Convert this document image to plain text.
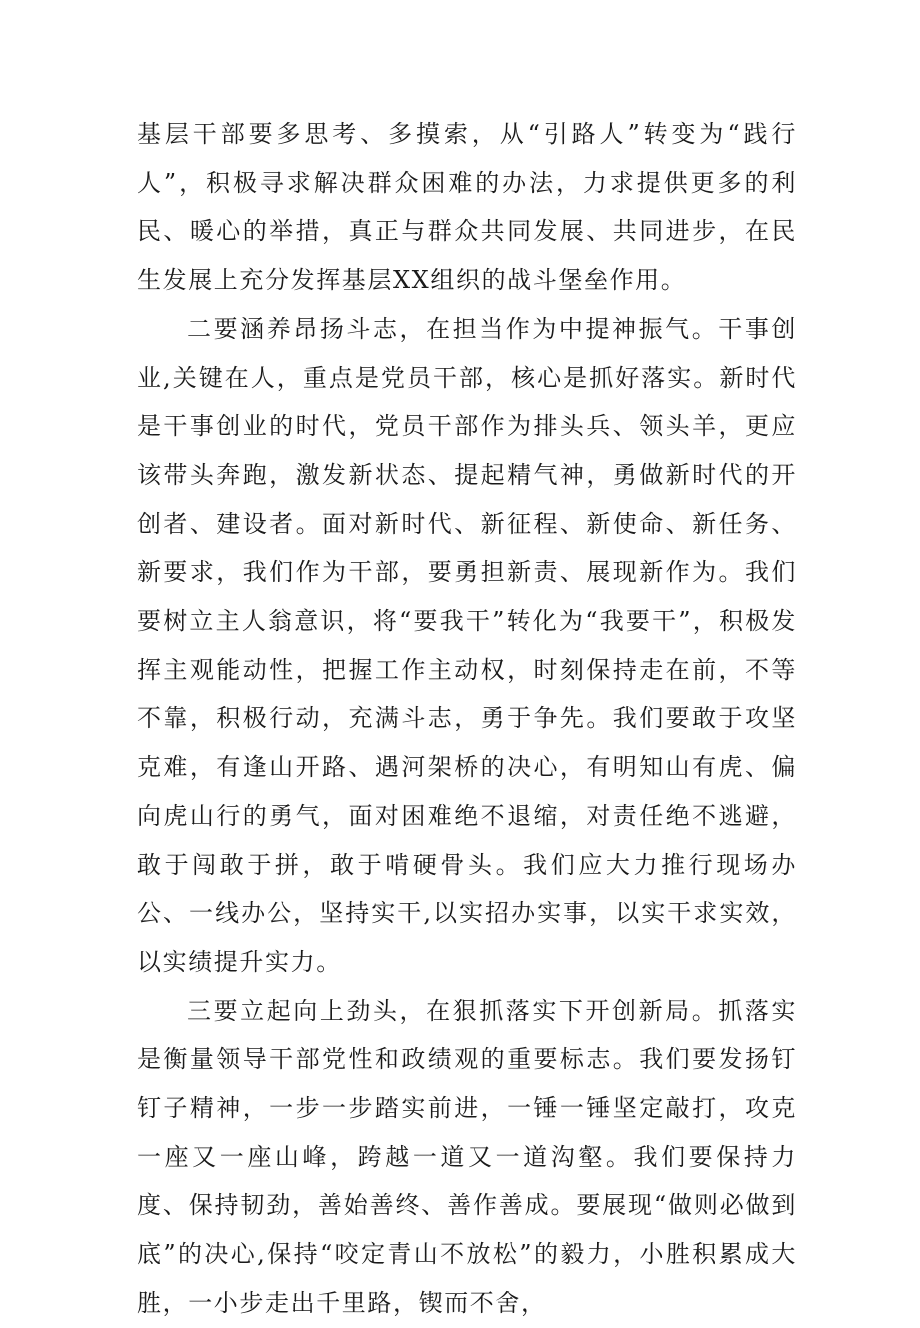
基层干部要多思考、多摸索，从“引路人”转变为“践行人”，积极寻求解决群众困难的办法，力求提供更多的利民、暖心的举措，真正与群众共同发展、共同进步，在民生发展上充分发挥基层XX组织的战斗堡垒作用。

二要涵养昂扬斗志，在担当作为中提神振气。干事创业,关键在人，重点是党员干部，核心是抓好落实。新时代是干事创业的时代，党员干部作为排头兵、领头羊，更应该带头奔跑，激发新状态、提起精气神，勇做新时代的开创者、建设者。面对新时代、新征程、新使命、新任务、新要求，我们作为干部，要勇担新责、展现新作为。我们要树立主人翁意识，将“要我干”转化为“我要干”，积极发挥主观能动性，把握工作主动权，时刻保持走在前，不等不靠，积极行动，充满斗志，勇于争先。我们要敢于攻坚克难，有逢山开路、遇河架桥的决心，有明知山有虎、偏向虎山行的勇气，面对困难绝不退缩，对责任绝不逃避，敢于闯敢于拼，敢于啃硬骨头。我们应大力推行现场办公、一线办公，坚持实干,以实招办实事，以实干求实效，以实绩提升实力。

三要立起向上劲头，在狠抓落实下开创新局。抓落实是衡量领导干部党性和政绩观的重要标志。我们要发扬钉钉子精神，一步一步踏实前进，一锤一锤坚定敲打，攻克一座又一座山峰，跨越一道又一道沟壑。我们要保持力度、保持韧劲，善始善终、善作善成。要展现“做则必做到底”的决心,保持“咬定青山不放松”的毅力，小胜积累成大胜，一小步走出千里路，锲而不舍，
